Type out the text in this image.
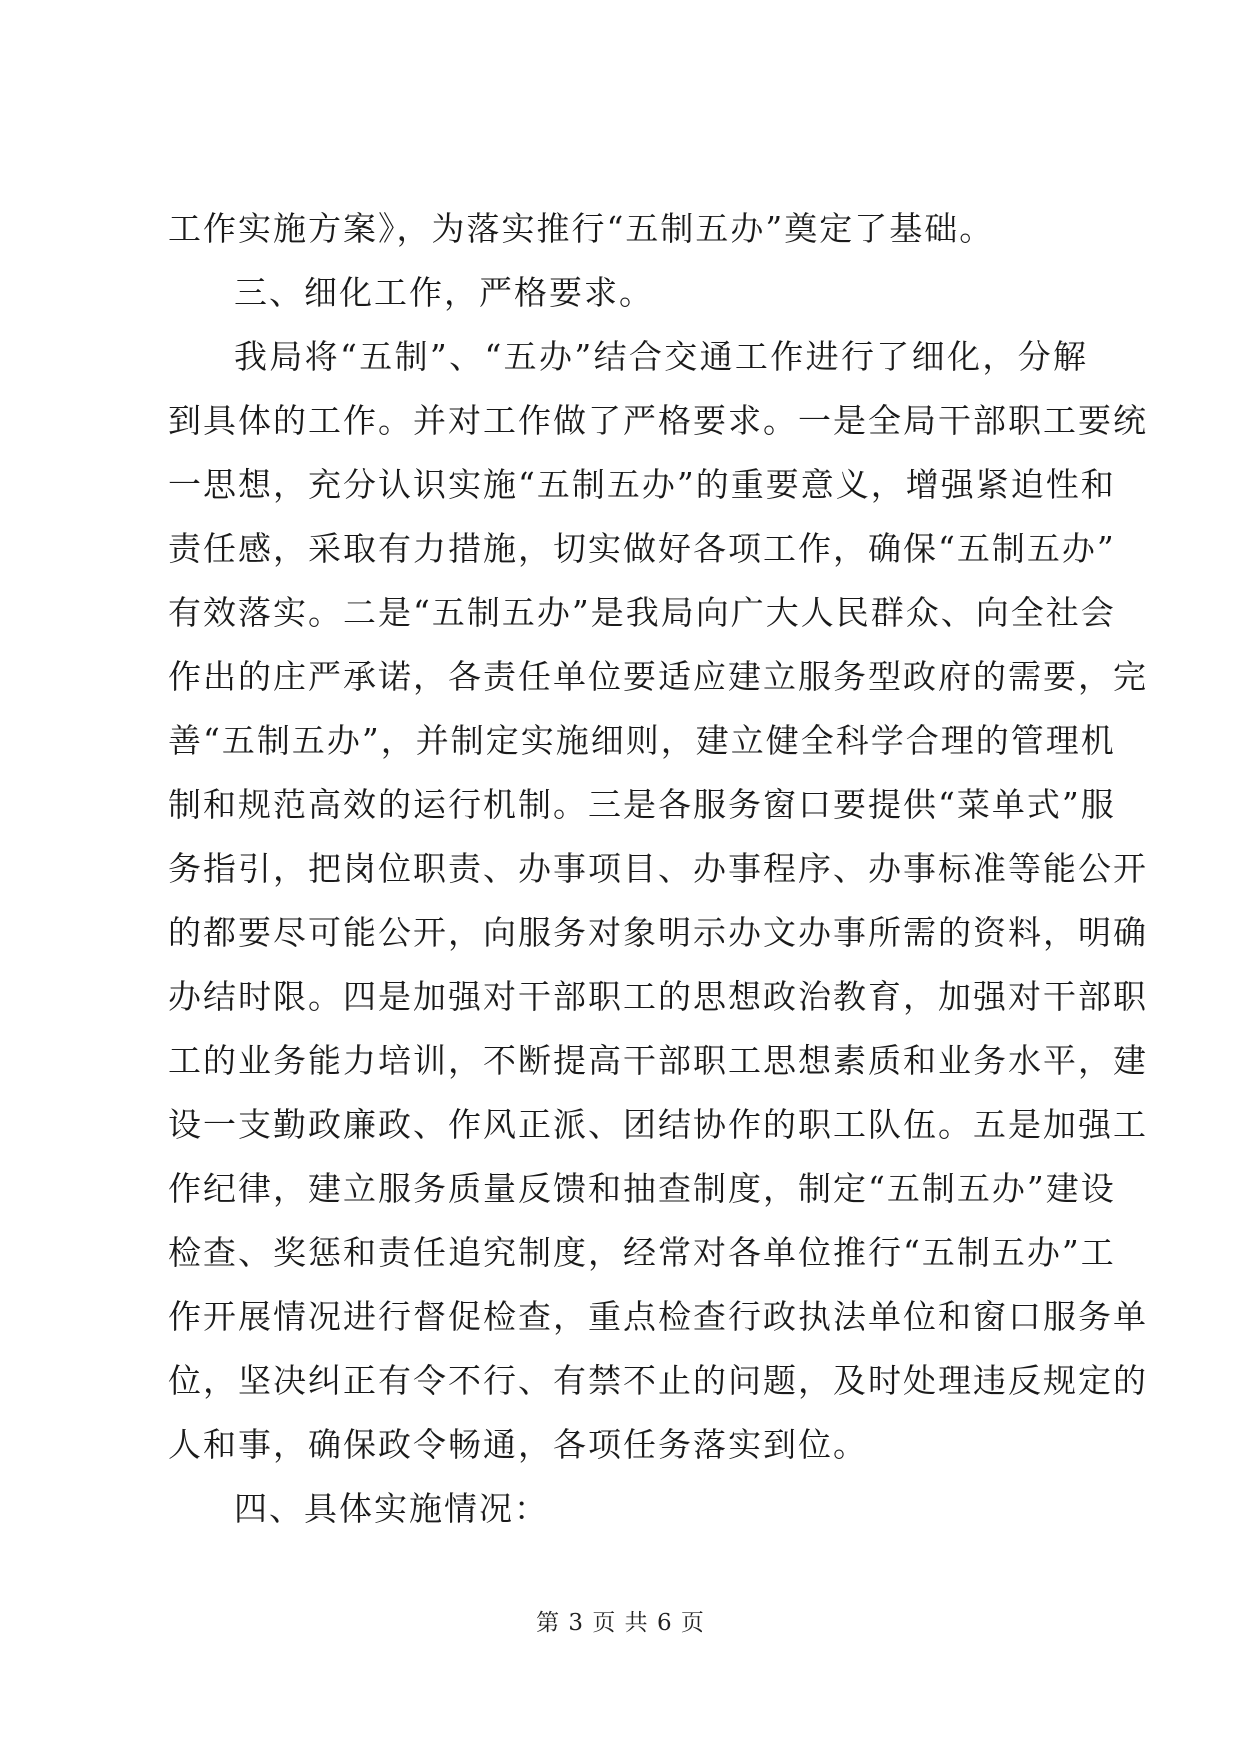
工作实施方案》，为落实推行“五制五办”奠定了基础。
三、细化工作，严格要求。
我局将“五制”、“五办”结合交通工作进行了细化，分解
到具体的工作。并对工作做了严格要求。一是全局干部职工要统
一思想，充分认识实施“五制五办”的重要意义，增强紧迫性和
责任感，采取有力措施，切实做好各项工作，确保“五制五办”
有效落实。二是“五制五办”是我局向广大人民群众、向全社会
作出的庄严承诺，各责任单位要适应建立服务型政府的需要，完
善“五制五办”，并制定实施细则，建立健全科学合理的管理机
制和规范高效的运行机制。三是各服务窗口要提供“菜单式”服
务指引，把岗位职责、办事项目、办事程序、办事标准等能公开
的都要尽可能公开，向服务对象明示办文办事所需的资料，明确
办结时限。四是加强对干部职工的思想政治教育，加强对干部职
工的业务能力培训，不断提高干部职工思想素质和业务水平，建
设一支勤政廉政、作风正派、团结协作的职工队伍。五是加强工
作纪律，建立服务质量反馈和抽查制度，制定“五制五办”建设
检查、奖惩和责任追究制度，经常对各单位推行“五制五办”工
作开展情况进行督促检查，重点检查行政执法单位和窗口服务单
位，坚决纠正有令不行、有禁不止的问题，及时处理违反规定的
人和事，确保政令畅通，各项任务落实到位。
四、具体实施情况：
第 3 页 共 6 页
